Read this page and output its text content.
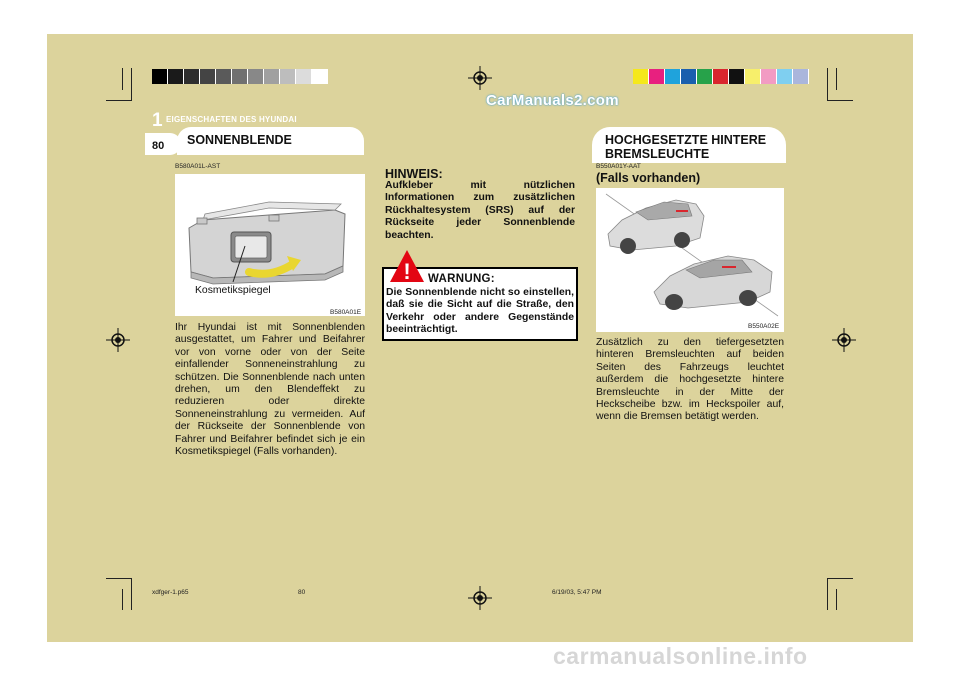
CarManuals2.com
1 EIGENSCHAFTEN DES HYUNDAI
80	SONNENBLENDE
B580A01L-AST
Kosmetikspiegel
B580A01E
Ihr Hyundai ist mit Sonnenblenden ausgestattet, um Fahrer und Beifahrer vor von vorne oder von der Seite einfallender Sonneneinstrahlung zu schützen. Die Sonnenblende nach unten drehen, um den Blendeffekt zu reduzieren oder direkte Sonneneinstrahlung zu vermeiden. Auf der Rückseite der Sonnenblende von Fahrer und Beifahrer befindet sich je ein Kosmetikspiegel (Falls vorhanden).
HINWEIS:
Aufkleber mit nützlichen Informationen zum zusätzlichen Rückhaltesystem (SRS) auf der Rückseite jeder Sonnenblende beachten.
! WARNUNG:
Die Sonnenblende nicht so einstellen, daß sie die Sicht auf die Straße, den Verkehr oder andere Gegenstände beeinträchtigt.
HOCHGESETZTE HINTERE BREMSLEUCHTE
B550A01Y-AAT
(Falls vorhanden)
B550A02E
Zusätzlich zu den tiefergesetzten hinteren Bremsleuchten auf beiden Seiten des Fahrzeugs leuchtet außerdem die hochgesetzte hintere Bremsleuchte in der Mitte der Heckscheibe bzw. im Heckspoiler auf, wenn die Bremsen betätigt werden.
xdfger-1.p65	80	6/19/03, 5:47 PM
carmanualsonline.info
